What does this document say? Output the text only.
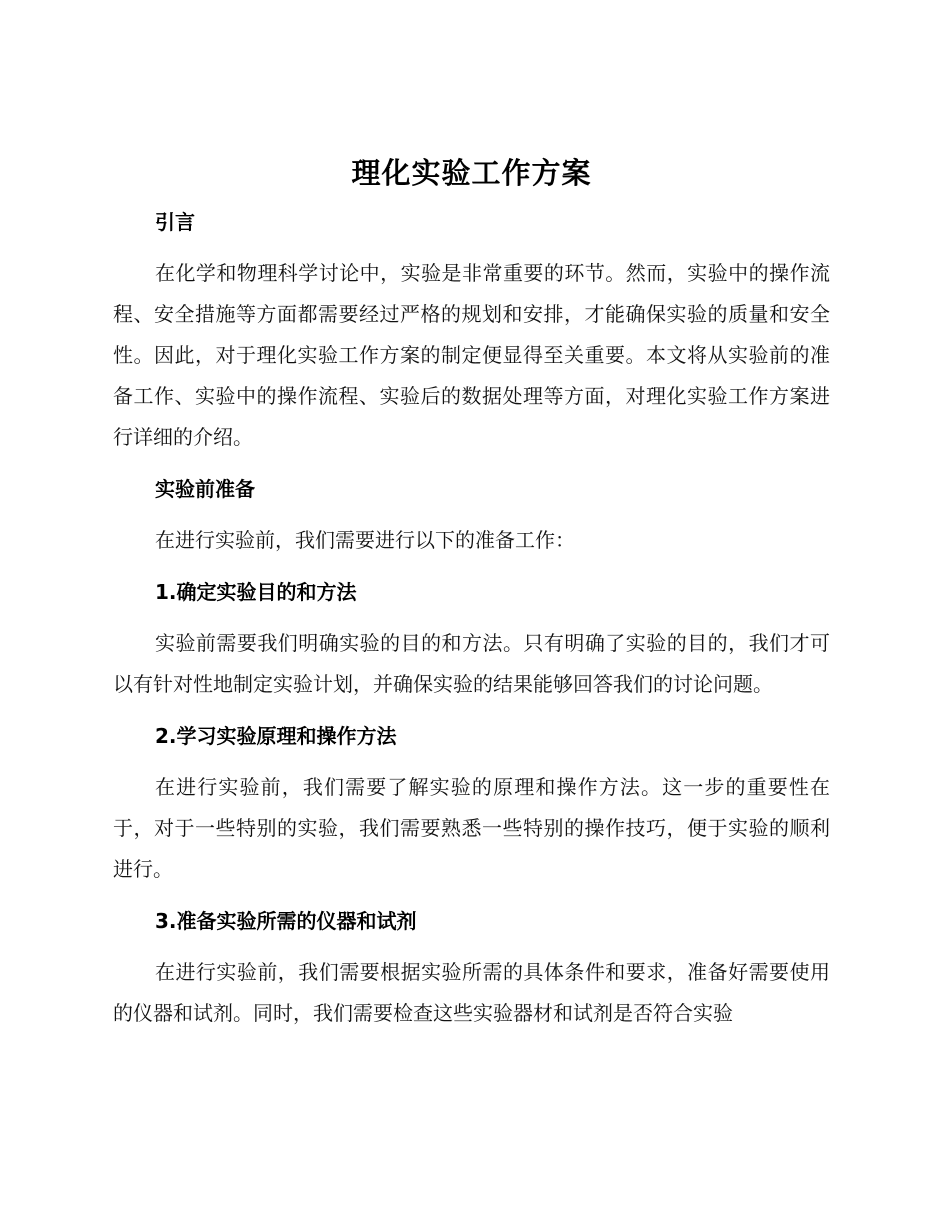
理化实验工作方案
引言

在化学和物理科学讨论中，实验是非常重要的环节。然而，实验中的操作流程、安全措施等方面都需要经过严格的规划和安排，才能确保实验的质量和安全性。因此，对于理化实验工作方案的制定便显得至关重要。本文将从实验前的准备工作、实验中的操作流程、实验后的数据处理等方面，对理化实验工作方案进行详细的介绍。

实验前准备

在进行实验前，我们需要进行以下的准备工作：

1.确定实验目的和方法

实验前需要我们明确实验的目的和方法。只有明确了实验的目的，我们才可以有针对性地制定实验计划，并确保实验的结果能够回答我们的讨论问题。

2.学习实验原理和操作方法

在进行实验前，我们需要了解实验的原理和操作方法。这一步的重要性在于，对于一些特别的实验，我们需要熟悉一些特别的操作技巧，便于实验的顺利进行。

3.准备实验所需的仪器和试剂

在进行实验前，我们需要根据实验所需的具体条件和要求，准备好需要使用的仪器和试剂。同时，我们需要检查这些实验器材和试剂是否符合实验
